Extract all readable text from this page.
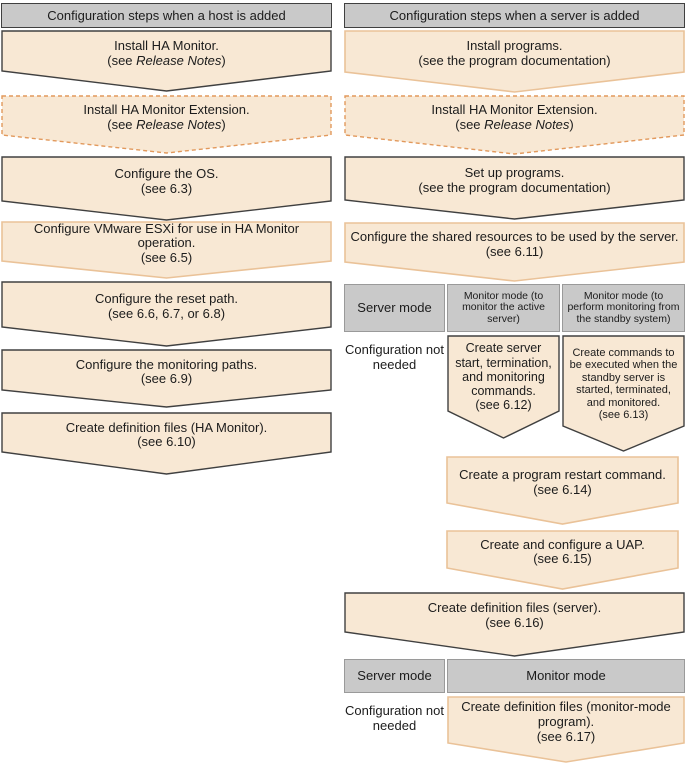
Configuration steps when a host is added
Install HA Monitor.
(see Release Notes)
Install HA Monitor Extension.
(see Release Notes)
Configure the OS.
(see 6.3)
Configure VMware ESXi for use in HA Monitor operation.
(see 6.5)
Configure the reset path.
(see 6.6, 6.7, or 6.8)
Configure the monitoring paths.
(see 6.9)
Create definition files (HA Monitor).
(see 6.10)
Configuration steps when a server is added
Install programs.
(see the program documentation)
Install HA Monitor Extension.
(see Release Notes)
Set up programs.
(see the program documentation)
Configure the shared resources to be used by the server.
(see 6.11)
Server mode
Monitor mode (to monitor the active server)
Monitor mode (to perform monitoring from the standby system)
Configuration not needed
Create server start, termination, and monitoring commands.
(see 6.12)
Create commands to be executed when the standby server is started, terminated, and monitored.
(see 6.13)
Create a program restart command.
(see 6.14)
Create and configure a UAP.
(see 6.15)
Create definition files (server).
(see 6.16)
Server mode	Monitor mode
Configuration not needed
Create definition files (monitor-mode program).
(see 6.17)
